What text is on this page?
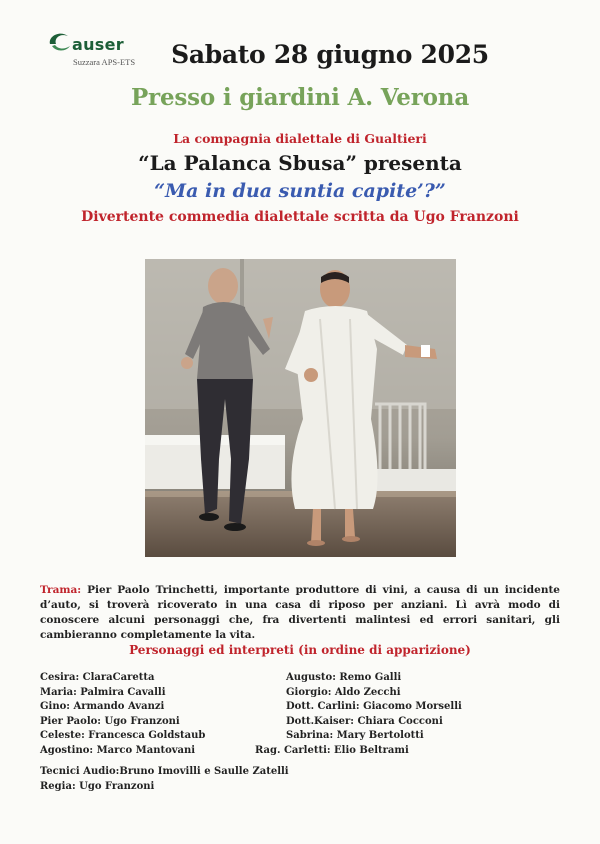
auser
Suzzara APS-ETS	Sabato 28 giugno 2025
Presso i giardini A. Verona
La compagnia dialettale di Gualtieri
“La Palanca Sbusa” presenta
“Ma in dua suntia capite’?”
Divertente commedia dialettale scritta da Ugo Franzoni
Trama: Pier Paolo Trinchetti, importante produttore di vini, a causa di un incidente d’auto, si troverà ricoverato in una casa di riposo per anziani. Lì avrà modo di conoscere alcuni personaggi che, fra divertenti malintesi ed errori sanitari, gli cambieranno completamente la vita.
Personaggi ed interpreti (in ordine di apparizione)
Cesira: ClaraCaretta
Maria: Palmira Cavalli
Gino: Armando Avanzi
Pier Paolo: Ugo Franzoni
Celeste: Francesca Goldstaub
Agostino: Marco Mantovani
Augusto: Remo Galli
Giorgio: Aldo Zecchi
Dott. Carlini: Giacomo Morselli
Dott.Kaiser: Chiara Cocconi
Sabrina: Mary Bertolotti
Rag. Carletti: Elio Beltrami
Tecnici Audio:Bruno Imovilli e Saulle Zatelli
Regia: Ugo Franzoni
